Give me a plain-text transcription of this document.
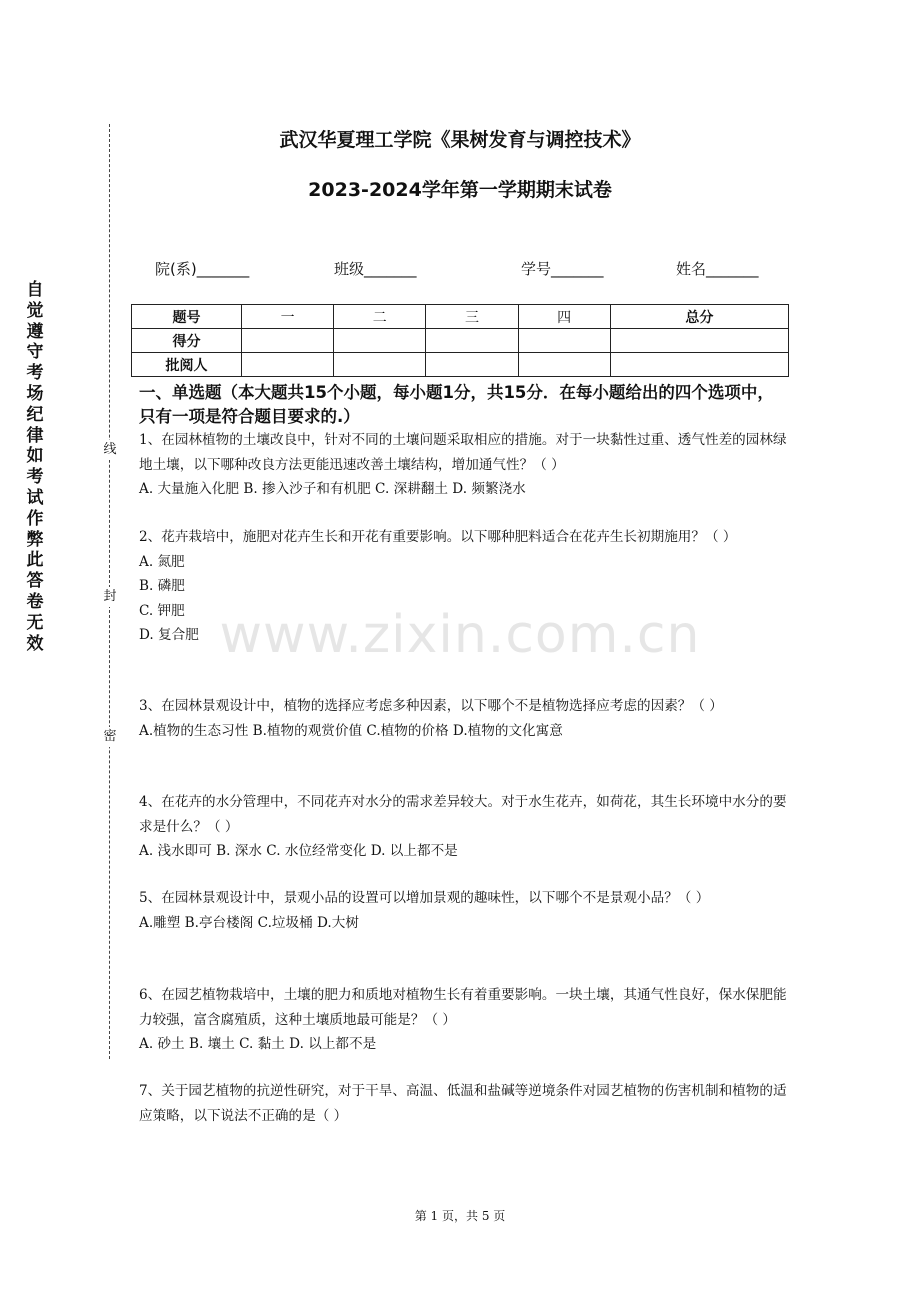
自觉遵守考场纪律如考试作弊此答卷无效
线
封
密
武汉华夏理工学院《果树发育与调控技术》
2023-2024学年第一学期期末试卷
院(系)_______	班级_______	学号_______	姓名_______
题号	一	二	三	四	总分
得分					
批阅人					
一、单选题（本大题共15个小题，每小题1分，共15分．在每小题给出的四个选项中，只有一项是符合题目要求的.）
www.zixin.com.cn

1、在园林植物的土壤改良中，针对不同的土壤问题采取相应的措施。对于一块黏性过重、透气性差的园林绿地土壤，以下哪种改良方法更能迅速改善土壤结构，增加通气性？（ ）

A. 大量施入化肥 B. 掺入沙子和有机肥 C. 深耕翻土 D. 频繁浇水

2、花卉栽培中，施肥对花卉生长和开花有重要影响。以下哪种肥料适合在花卉生长初期施用？（ ）

A. 氮肥

B. 磷肥

C. 钾肥

D. 复合肥

3、在园林景观设计中，植物的选择应考虑多种因素，以下哪个不是植物选择应考虑的因素？（ ）

A.植物的生态习性 B.植物的观赏价值 C.植物的价格 D.植物的文化寓意

4、在花卉的水分管理中，不同花卉对水分的需求差异较大。对于水生花卉，如荷花，其生长环境中水分的要求是什么？（ ）

A. 浅水即可 B. 深水 C. 水位经常变化 D. 以上都不是

5、在园林景观设计中，景观小品的设置可以增加景观的趣味性，以下哪个不是景观小品？（ ）

A.雕塑 B.亭台楼阁 C.垃圾桶 D.大树

6、在园艺植物栽培中，土壤的肥力和质地对植物生长有着重要影响。一块土壤，其通气性良好，保水保肥能力较强，富含腐殖质，这种土壤质地最可能是？（ ）

A. 砂土 B. 壤土 C. 黏土 D. 以上都不是

7、关于园艺植物的抗逆性研究，对于干旱、高温、低温和盐碱等逆境条件对园艺植物的伤害机制和植物的适应策略，以下说法不正确的是（ ）

第 1 页，共 5 页
